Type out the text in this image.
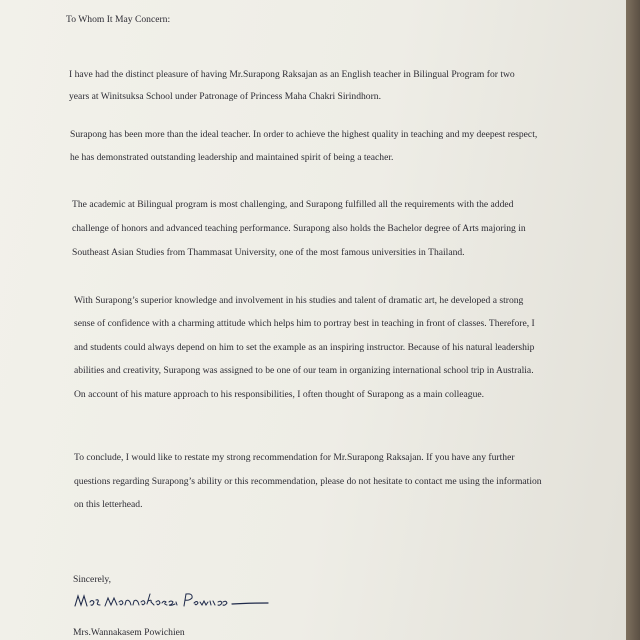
To Whom It May Concern:

I have had the distinct pleasure of having Mr.Surapong Raksajan as an English teacher in Bilingual Program for two

years at Winitsuksa School under Patronage of Princess Maha Chakri Sirindhorn.

Surapong has been more than the ideal teacher. In order to achieve the highest quality in teaching and my deepest respect,

he has demonstrated outstanding leadership and maintained spirit of being a teacher.

The academic at Bilingual program is most challenging, and Surapong fulfilled all the requirements with the added

challenge of honors and advanced teaching performance. Surapong also holds the Bachelor degree of Arts majoring in

Southeast Asian Studies from Thammasat University, one of the most famous universities in Thailand.

With Surapong’s superior knowledge and involvement in his studies and talent of dramatic art, he developed a strong

sense of confidence with a charming attitude which helps him to portray best in teaching in front of classes. Therefore, I

and students could always depend on him to set the example as an inspiring instructor. Because of his natural leadership

abilities and creativity, Surapong was assigned to be one of our team in organizing international school trip in Australia.

On account of his mature approach to his responsibilities, I often thought of Surapong as a main colleague.

To conclude, I would like to restate my strong recommendation for Mr.Surapong Raksajan. If you have any further

questions regarding Surapong’s ability or this recommendation, please do not hesitate to contact me using the information

on this letterhead.

Sincerely,

Mrs.Wannakasem Powichien
